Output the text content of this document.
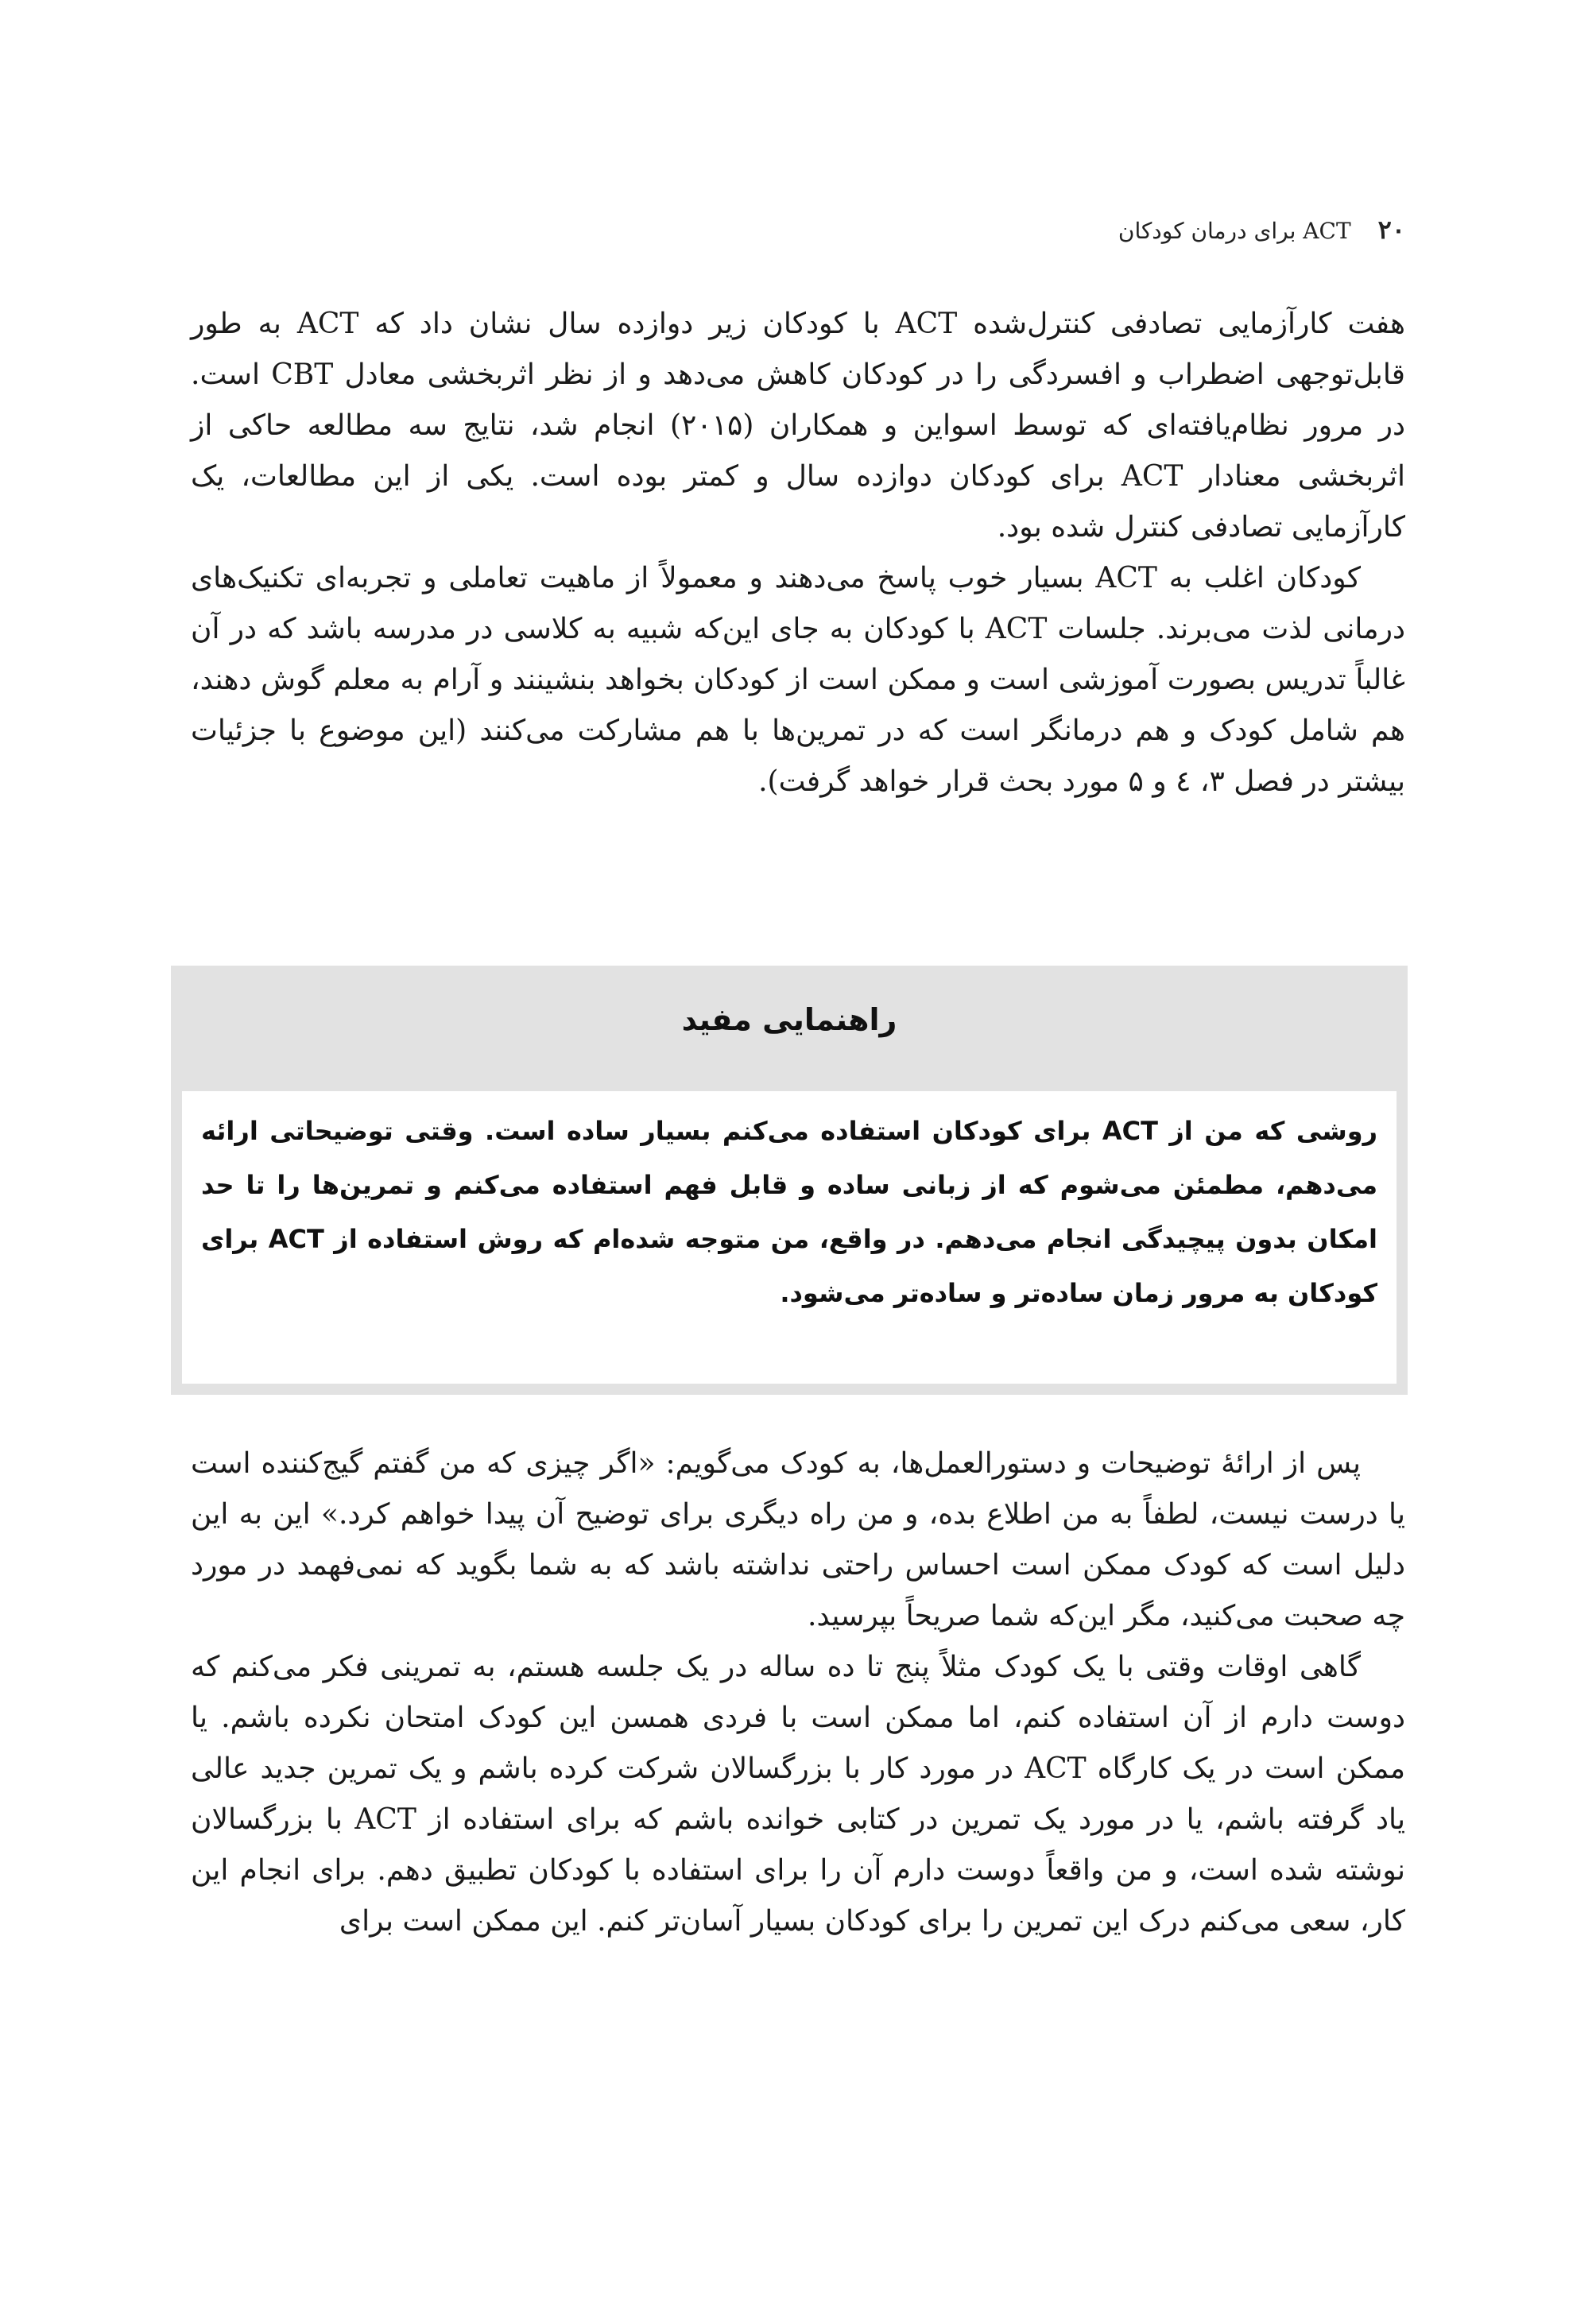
۲۰
ACT برای درمان کودکان

هفت کارآزمایی تصادفی کنترل‌شده ACT با کودکان زیر دوازده سال نشان داد که ACT به طور قابل‌توجهی اضطراب و افسردگی را در کودکان کاهش می‌دهد و از نظر اثربخشی معادل CBT است. در مرور نظام‌یافته‌ای که توسط اسواین و همکاران (۲۰۱۵) انجام شد، نتایج سه مطالعه حاکی از اثربخشی معنادار ACT برای کودکان دوازده سال و کمتر بوده است. یکی از این مطالعات، یک کارآزمایی تصادفی کنترل شده بود.

کودکان اغلب به ACT بسیار خوب پاسخ می‌دهند و معمولاً از ماهیت تعاملی و تجربه‌ای تکنیک‌های درمانی لذت می‌برند. جلسات ACT با کودکان به جای این‌که شبیه به کلاسی در مدرسه باشد که در آن غالباً تدریس بصورت آموزشی است و ممکن است از کودکان بخواهد بنشینند و آرام به معلم گوش دهند، هم شامل کودک و هم درمانگر است که در تمرین‌ها با هم مشارکت می‌کنند (این موضوع با جزئیات بیشتر در فصل ۳، ٤ و ۵ مورد بحث قرار خواهد گرفت).

راهنمایی مفید
روشی که من از ACT برای کودکان استفاده می‌کنم بسیار ساده است. وقتی توضیحاتی ارائه می‌دهم، مطمئن می‌شوم که از زبانی ساده و قابل فهم استفاده می‌کنم و تمرین‌ها را تا حد امکان بدون پیچیدگی انجام می‌دهم. در واقع، من متوجه شده‌ام که روش استفاده از ACT برای کودکان به مرور زمان ساده‌تر و ساده‌تر می‌شود.

پس از ارائهٔ توضیحات و دستورالعمل‌ها، به کودک می‌گویم: «اگر چیزی که من گفتم گیج‌کننده است یا درست نیست، لطفاً به من اطلاع بده، و من راه دیگری برای توضیح آن پیدا خواهم کرد.» این به این دلیل است که کودک ممکن است احساس راحتی نداشته باشد که به شما بگوید که نمی‌فهمد در مورد چه صحبت می‌کنید، مگر این‌که شما صریحاً بپرسید.

گاهی اوقات وقتی با یک کودک مثلاً پنج تا ده ساله در یک جلسه هستم، به تمرینی فکر می‌کنم که دوست دارم از آن استفاده کنم، اما ممکن است با فردی همسن این کودک امتحان نکرده باشم. یا ممکن است در یک کارگاه ACT در مورد کار با بزرگسالان شرکت کرده باشم و یک تمرین جدید عالی یاد گرفته باشم، یا در مورد یک تمرین در کتابی خوانده باشم که برای استفاده از ACT با بزرگسالان نوشته شده است، و من واقعاً دوست دارم آن را برای استفاده با کودکان تطبیق دهم. برای انجام این کار، سعی می‌کنم درک این تمرین را برای کودکان بسیار آسان‌تر کنم. این ممکن است برای
